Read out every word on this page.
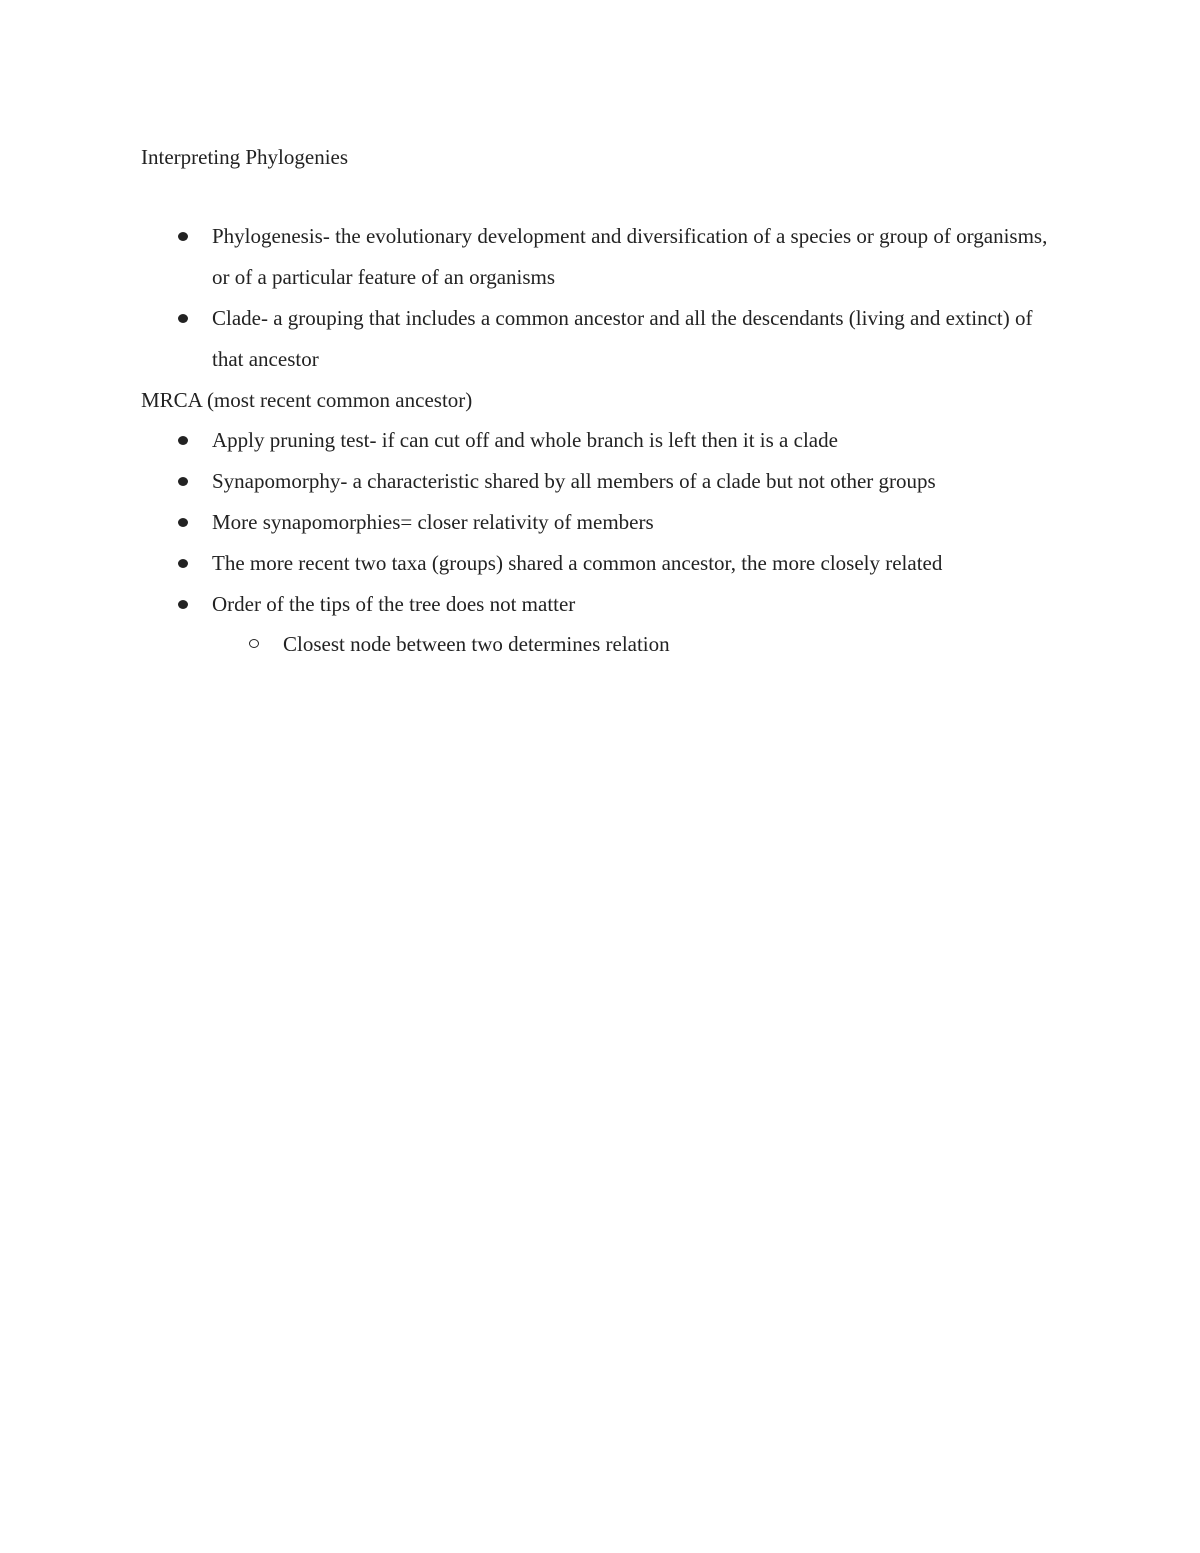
Interpreting Phylogenies
Phylogenesis- the evolutionary development and diversification of a species or group of organisms, or of a particular feature of an organisms
Clade- a grouping that includes a common ancestor and all the descendants (living and extinct) of that ancestor
MRCA (most recent common ancestor)
Apply pruning test- if can cut off and whole branch is left then it is a clade
Synapomorphy- a characteristic shared by all members of a clade but not other groups
More synapomorphies= closer relativity of members
The more recent two taxa (groups) shared a common ancestor, the more closely related
Order of the tips of the tree does not matter
Closest node between two determines relation
